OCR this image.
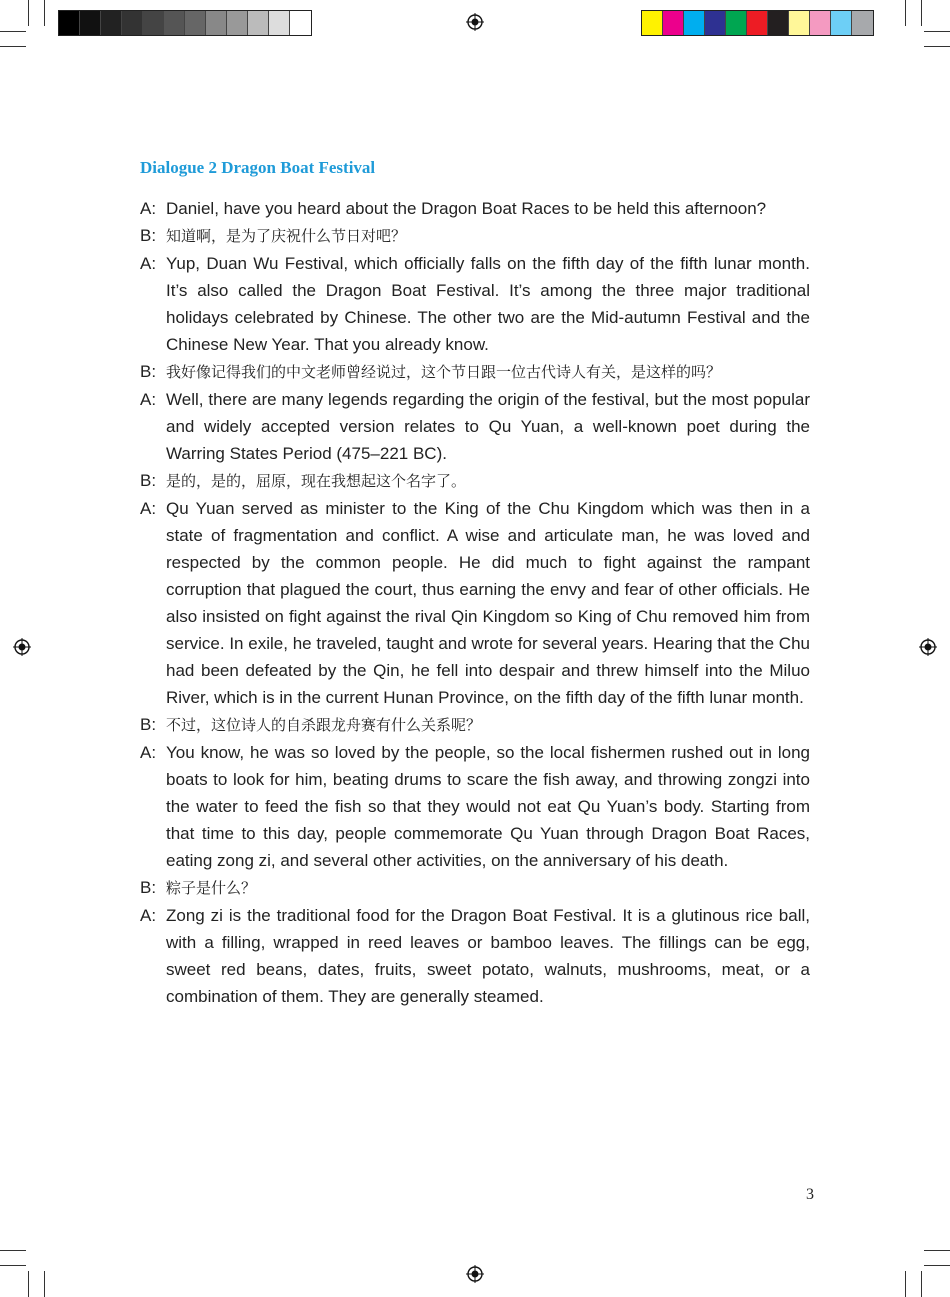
Dialogue 2 Dragon Boat Festival

A: Daniel, have you heard about the Dragon Boat Races to be held this afternoon?

B: 知道啊，是为了庆祝什么节日对吧？

A: Yup, Duan Wu Festival, which officially falls on the fifth day of the fifth lunar month. It’s also called the Dragon Boat Festival. It’s among the three major traditional holidays celebrated by Chinese. The other two are the Mid-autumn Festival and the Chinese New Year. That you already know.

B: 我好像记得我们的中文老师曾经说过，这个节日跟一位古代诗人有关，是这样的吗？

A: Well, there are many legends regarding the origin of the festival, but the most popular and widely accepted version relates to Qu Yuan, a well-known poet during the Warring States Period (475–221 BC).

B: 是的，是的，屈原，现在我想起这个名字了。

A: Qu Yuan served as minister to the King of the Chu Kingdom which was then in a state of fragmentation and conflict. A wise and articulate man, he was loved and respected by the common people. He did much to fight against the rampant corruption that plagued the court, thus earning the envy and fear of other officials. He also insisted on fight against the rival Qin Kingdom so King of Chu removed him from service. In exile, he traveled, taught and wrote for several years. Hearing that the Chu had been defeated by the Qin, he fell into despair and threw himself into the Miluo River, which is in the current Hunan Province, on the fifth day of the fifth lunar month.

B: 不过，这位诗人的自杀跟龙舟赛有什么关系呢？

A: You know, he was so loved by the people, so the local fishermen rushed out in long boats to look for him, beating drums to scare the fish away, and throwing zongzi into the water to feed the fish so that they would not eat Qu Yuan’s body. Starting from that time to this day, people commemorate Qu Yuan through Dragon Boat Races, eating zong zi, and several other activities, on the anniversary of his death.

B: 粽子是什么？

A: Zong zi is the traditional food for the Dragon Boat Festival. It is a glutinous rice ball, with a filling, wrapped in reed leaves or bamboo leaves. The fillings can be egg, sweet red beans, dates, fruits, sweet potato, walnuts, mushrooms, meat, or a combination of them. They are generally steamed.

3
